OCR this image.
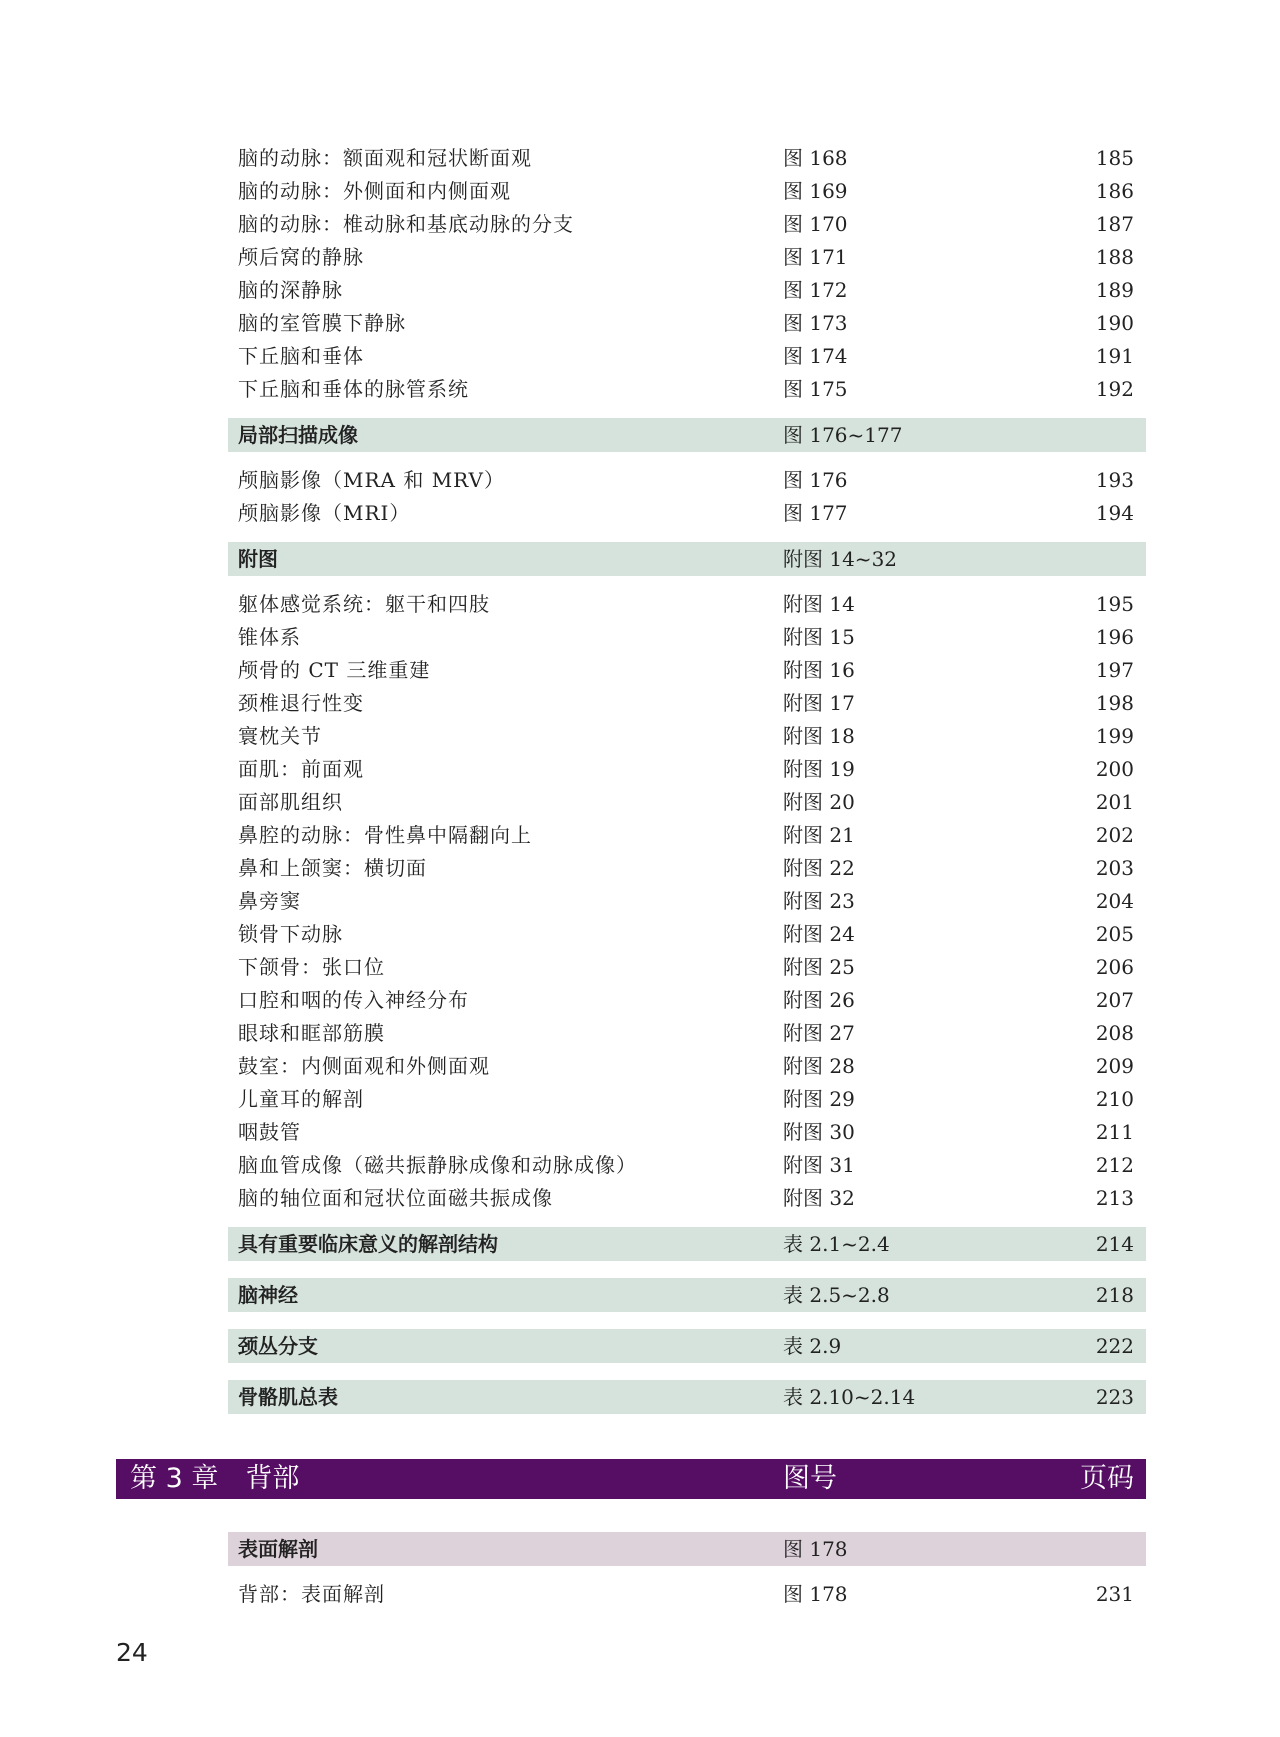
脑的动脉：额面观和冠状断面观	图 168	185
脑的动脉：外侧面和内侧面观	图 169	186
脑的动脉：椎动脉和基底动脉的分支	图 170	187
颅后窝的静脉	图 171	188
脑的深静脉	图 172	189
脑的室管膜下静脉	图 173	190
下丘脑和垂体	图 174	191
下丘脑和垂体的脉管系统	图 175	192
局部扫描成像	图 176~177
颅脑影像（MRA 和 MRV）	图 176	193
颅脑影像（MRI）	图 177	194
附图	附图 14~32
躯体感觉系统：躯干和四肢	附图 14	195
锥体系	附图 15	196
颅骨的 CT 三维重建	附图 16	197
颈椎退行性变	附图 17	198
寰枕关节	附图 18	199
面肌：前面观	附图 19	200
面部肌组织	附图 20	201
鼻腔的动脉：骨性鼻中隔翻向上	附图 21	202
鼻和上颌窦：横切面	附图 22	203
鼻旁窦	附图 23	204
锁骨下动脉	附图 24	205
下颌骨：张口位	附图 25	206
口腔和咽的传入神经分布	附图 26	207
眼球和眶部筋膜	附图 27	208
鼓室：内侧面观和外侧面观	附图 28	209
儿童耳的解剖	附图 29	210
咽鼓管	附图 30	211
脑血管成像（磁共振静脉成像和动脉成像）	附图 31	212
脑的轴位面和冠状位面磁共振成像	附图 32	213
具有重要临床意义的解剖结构	表 2.1~2.4	214
脑神经	表 2.5~2.8	218
颈丛分支	表 2.9	222
骨骼肌总表	表 2.10~2.14	223
第 3 章　背部	图号	页码
表面解剖	图 178
背部：表面解剖	图 178	231
24
